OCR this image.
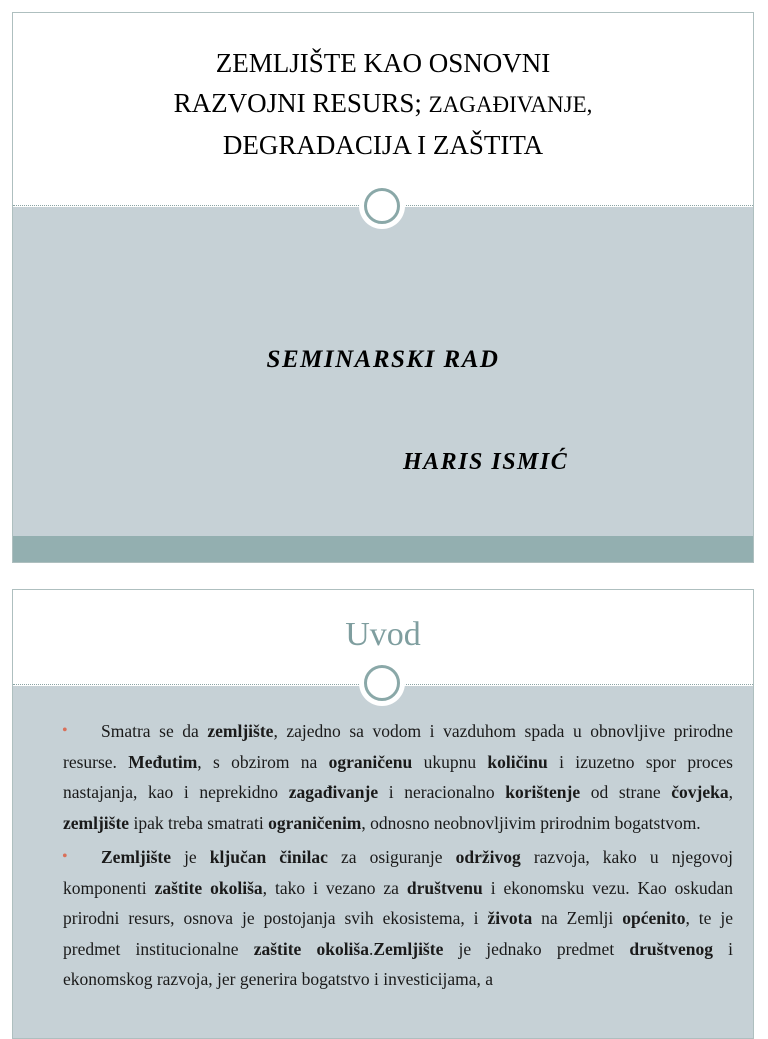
ZEMLJIŠTE KAO OSNOVNI
RAZVOJNI RESURS; ZAGAĐIVANJE,
DEGRADACIJA I ZAŠTITA
SEMINARSKI RAD
HARIS ISMIĆ
Uvod
• Smatra se da zemljište, zajedno sa vodom i vazduhom spada u obnovljive prirodne resurse. Međutim, s obzirom na ograničenu ukupnu količinu i izuzetno spor proces nastajanja, kao i neprekidno zagađivanje i neracionalno korištenje od strane čovjeka, zemljište ipak treba smatrati ograničenim, odnosno neobnovljivim prirodnim bogatstvom.
• Zemljište je ključan činilac za osiguranje održivog razvoja, kako u njegovoj komponenti zaštite okoliša, tako i vezano za društvenu i ekonomsku vezu. Kao oskudan prirodni resurs, osnova je postojanja svih ekosistema, i života na Zemlji općenito, te je predmet institucionalne zaštite okoliša.Zemljište je jednako predmet društvenog i ekonomskog razvoja, jer generira bogatstvo i investicijama, a
